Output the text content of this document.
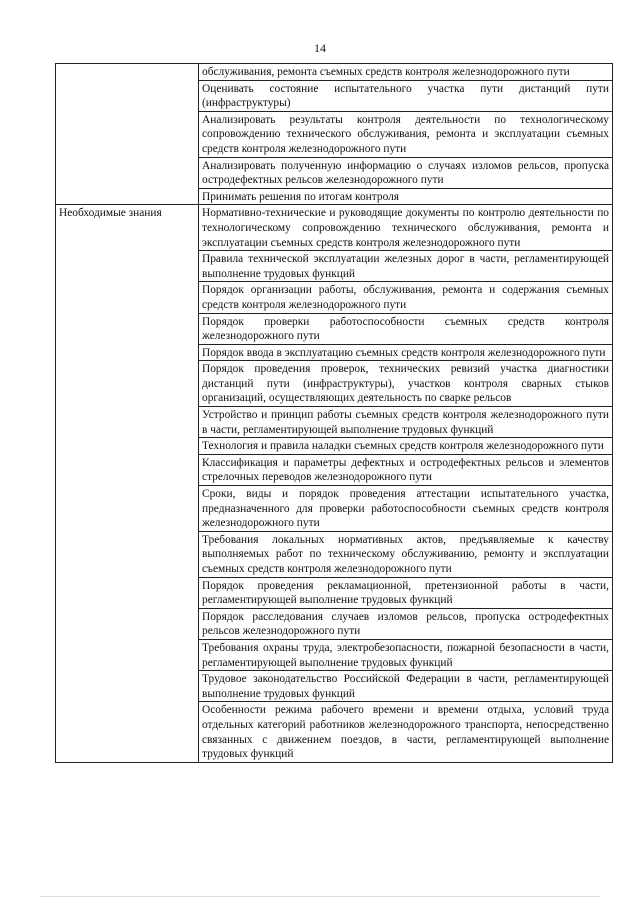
14
	обслуживания, ремонта съемных средств контроля железнодорожного пути
	Оценивать состояние испытательного участка пути дистанций пути (инфраструктуры)
	Анализировать результаты контроля деятельности по технологическому сопровождению технического обслуживания, ремонта и эксплуатации съемных средств контроля железнодорожного пути
	Анализировать полученную информацию о случаях изломов рельсов, пропуска остродефектных рельсов железнодорожного пути
	Принимать решения по итогам контроля
Необходимые знания	Нормативно-технические и руководящие документы по контролю деятельности по технологическому сопровождению технического обслуживания, ремонта и эксплуатации съемных средств контроля железнодорожного пути
	Правила технической эксплуатации железных дорог в части, регламентирующей выполнение трудовых функций
	Порядок организации работы, обслуживания, ремонта и содержания съемных средств контроля железнодорожного пути
	Порядок проверки работоспособности съемных средств контроля железнодорожного пути
	Порядок ввода в эксплуатацию съемных средств контроля железнодорожного пути
	Порядок проведения проверок, технических ревизий участка диагностики дистанций пути (инфраструктуры), участков контроля сварных стыков организаций, осуществляющих деятельность по сварке рельсов
	Устройство и принцип работы съемных средств контроля железнодорожного пути в части, регламентирующей выполнение трудовых функций
	Технология и правила наладки съемных средств контроля железнодорожного пути
	Классификация и параметры дефектных и остродефектных рельсов и элементов стрелочных переводов железнодорожного пути
	Сроки, виды и порядок проведения аттестации испытательного участка, предназначенного для проверки работоспособности съемных средств контроля железнодорожного пути
	Требования локальных нормативных актов, предъявляемые к качеству выполняемых работ по техническому обслуживанию, ремонту и эксплуатации съемных средств контроля железнодорожного пути
	Порядок проведения рекламационной, претензионной работы в части, регламентирующей выполнение трудовых функций
	Порядок расследования случаев изломов рельсов, пропуска остродефектных рельсов железнодорожного пути
	Требования охраны труда, электробезопасности, пожарной безопасности в части, регламентирующей выполнение трудовых функций
	Трудовое законодательство Российской Федерации в части, регламентирующей выполнение трудовых функций
	Особенности режима рабочего времени и времени отдыха, условий труда отдельных категорий работников железнодорожного транспорта, непосредственно связанных с движением поездов, в части, регламентирующей выполнение трудовых функций
